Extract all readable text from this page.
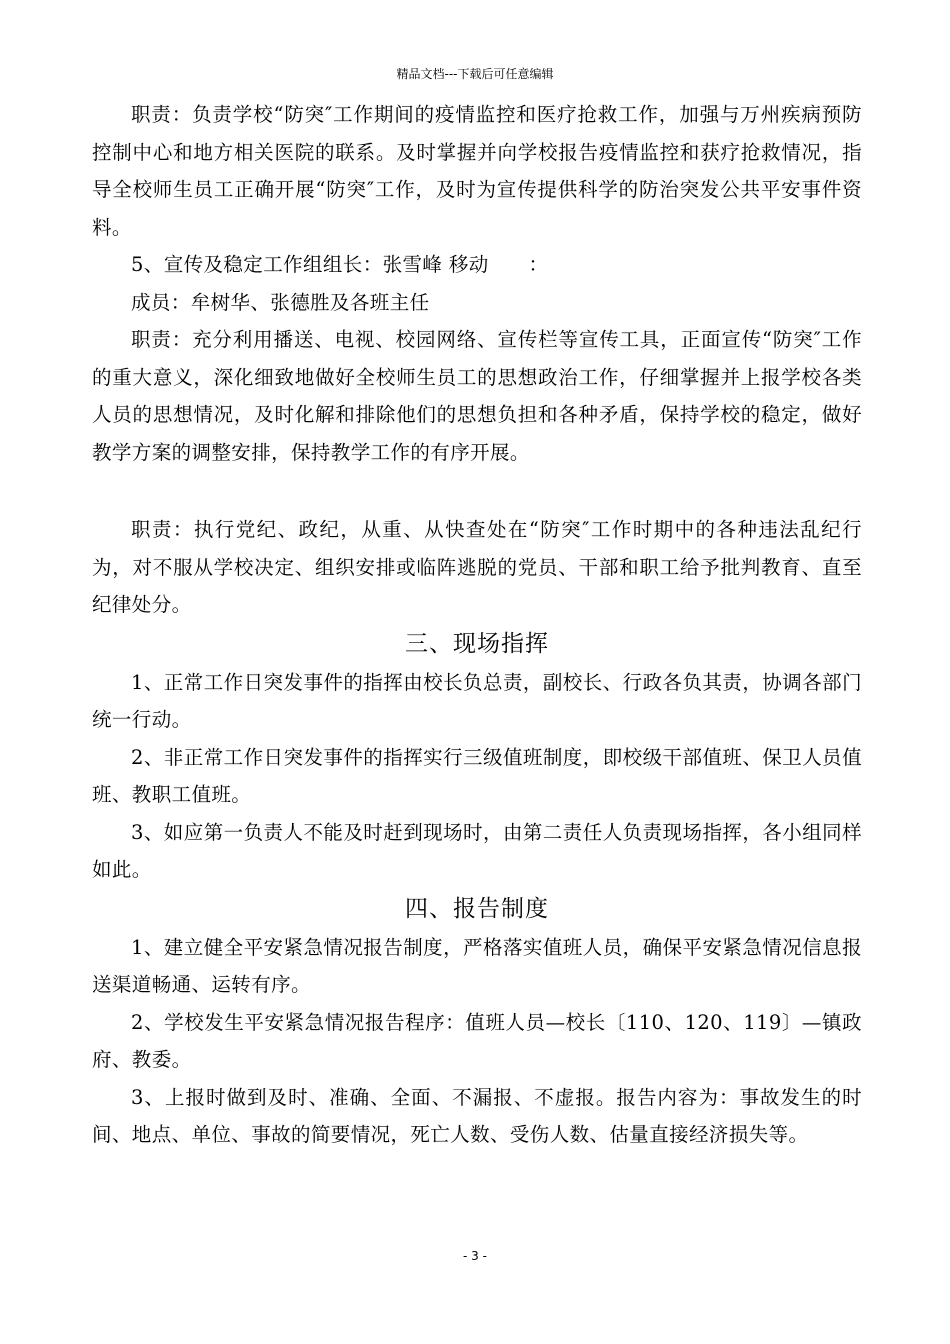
精品文档---下载后可任意编辑

职责：负责学校“防突″工作期间的疫情监控和医疗抢救工作，加强与万州疾病预防控制中心和地方相关医院的联系。及时掌握并向学校报告疫情监控和获疗抢救情况，指导全校师生员工正确开展“防突″工作，及时为宣传提供科学的防治突发公共平安事件资料。

5、宣传及稳定工作组组长：张雪峰 移动　　：

成员：牟树华、张德胜及各班主任

职责：充分利用播送、电视、校园网络、宣传栏等宣传工具，正面宣传“防突″工作的重大意义，深化细致地做好全校师生员工的思想政治工作，仔细掌握并上报学校各类人员的思想情况，及时化解和排除他们的思想负担和各种矛盾，保持学校的稳定，做好教学方案的调整安排，保持教学工作的有序开展。

职责：执行党纪、政纪，从重、从快查处在“防突″工作时期中的各种违法乱纪行为，对不服从学校决定、组织安排或临阵逃脱的党员、干部和职工给予批判教育、直至纪律处分。

三、现场指挥

1、正常工作日突发事件的指挥由校长负总责，副校长、行政各负其责，协调各部门统一行动。

2、非正常工作日突发事件的指挥实行三级值班制度，即校级干部值班、保卫人员值班、教职工值班。

3、如应第一负责人不能及时赶到现场时，由第二责任人负责现场指挥，各小组同样如此。

四、报告制度

1、建立健全平安紧急情况报告制度，严格落实值班人员，确保平安紧急情况信息报送渠道畅通、运转有序。

2、学校发生平安紧急情况报告程序：值班人员—校长〔110、120、119〕—镇政府、教委。

3、上报时做到及时、准确、全面、不漏报、不虚报。报告内容为：事故发生的时间、地点、单位、事故的简要情况，死亡人数、受伤人数、估量直接经济损失等。

- 3 -
